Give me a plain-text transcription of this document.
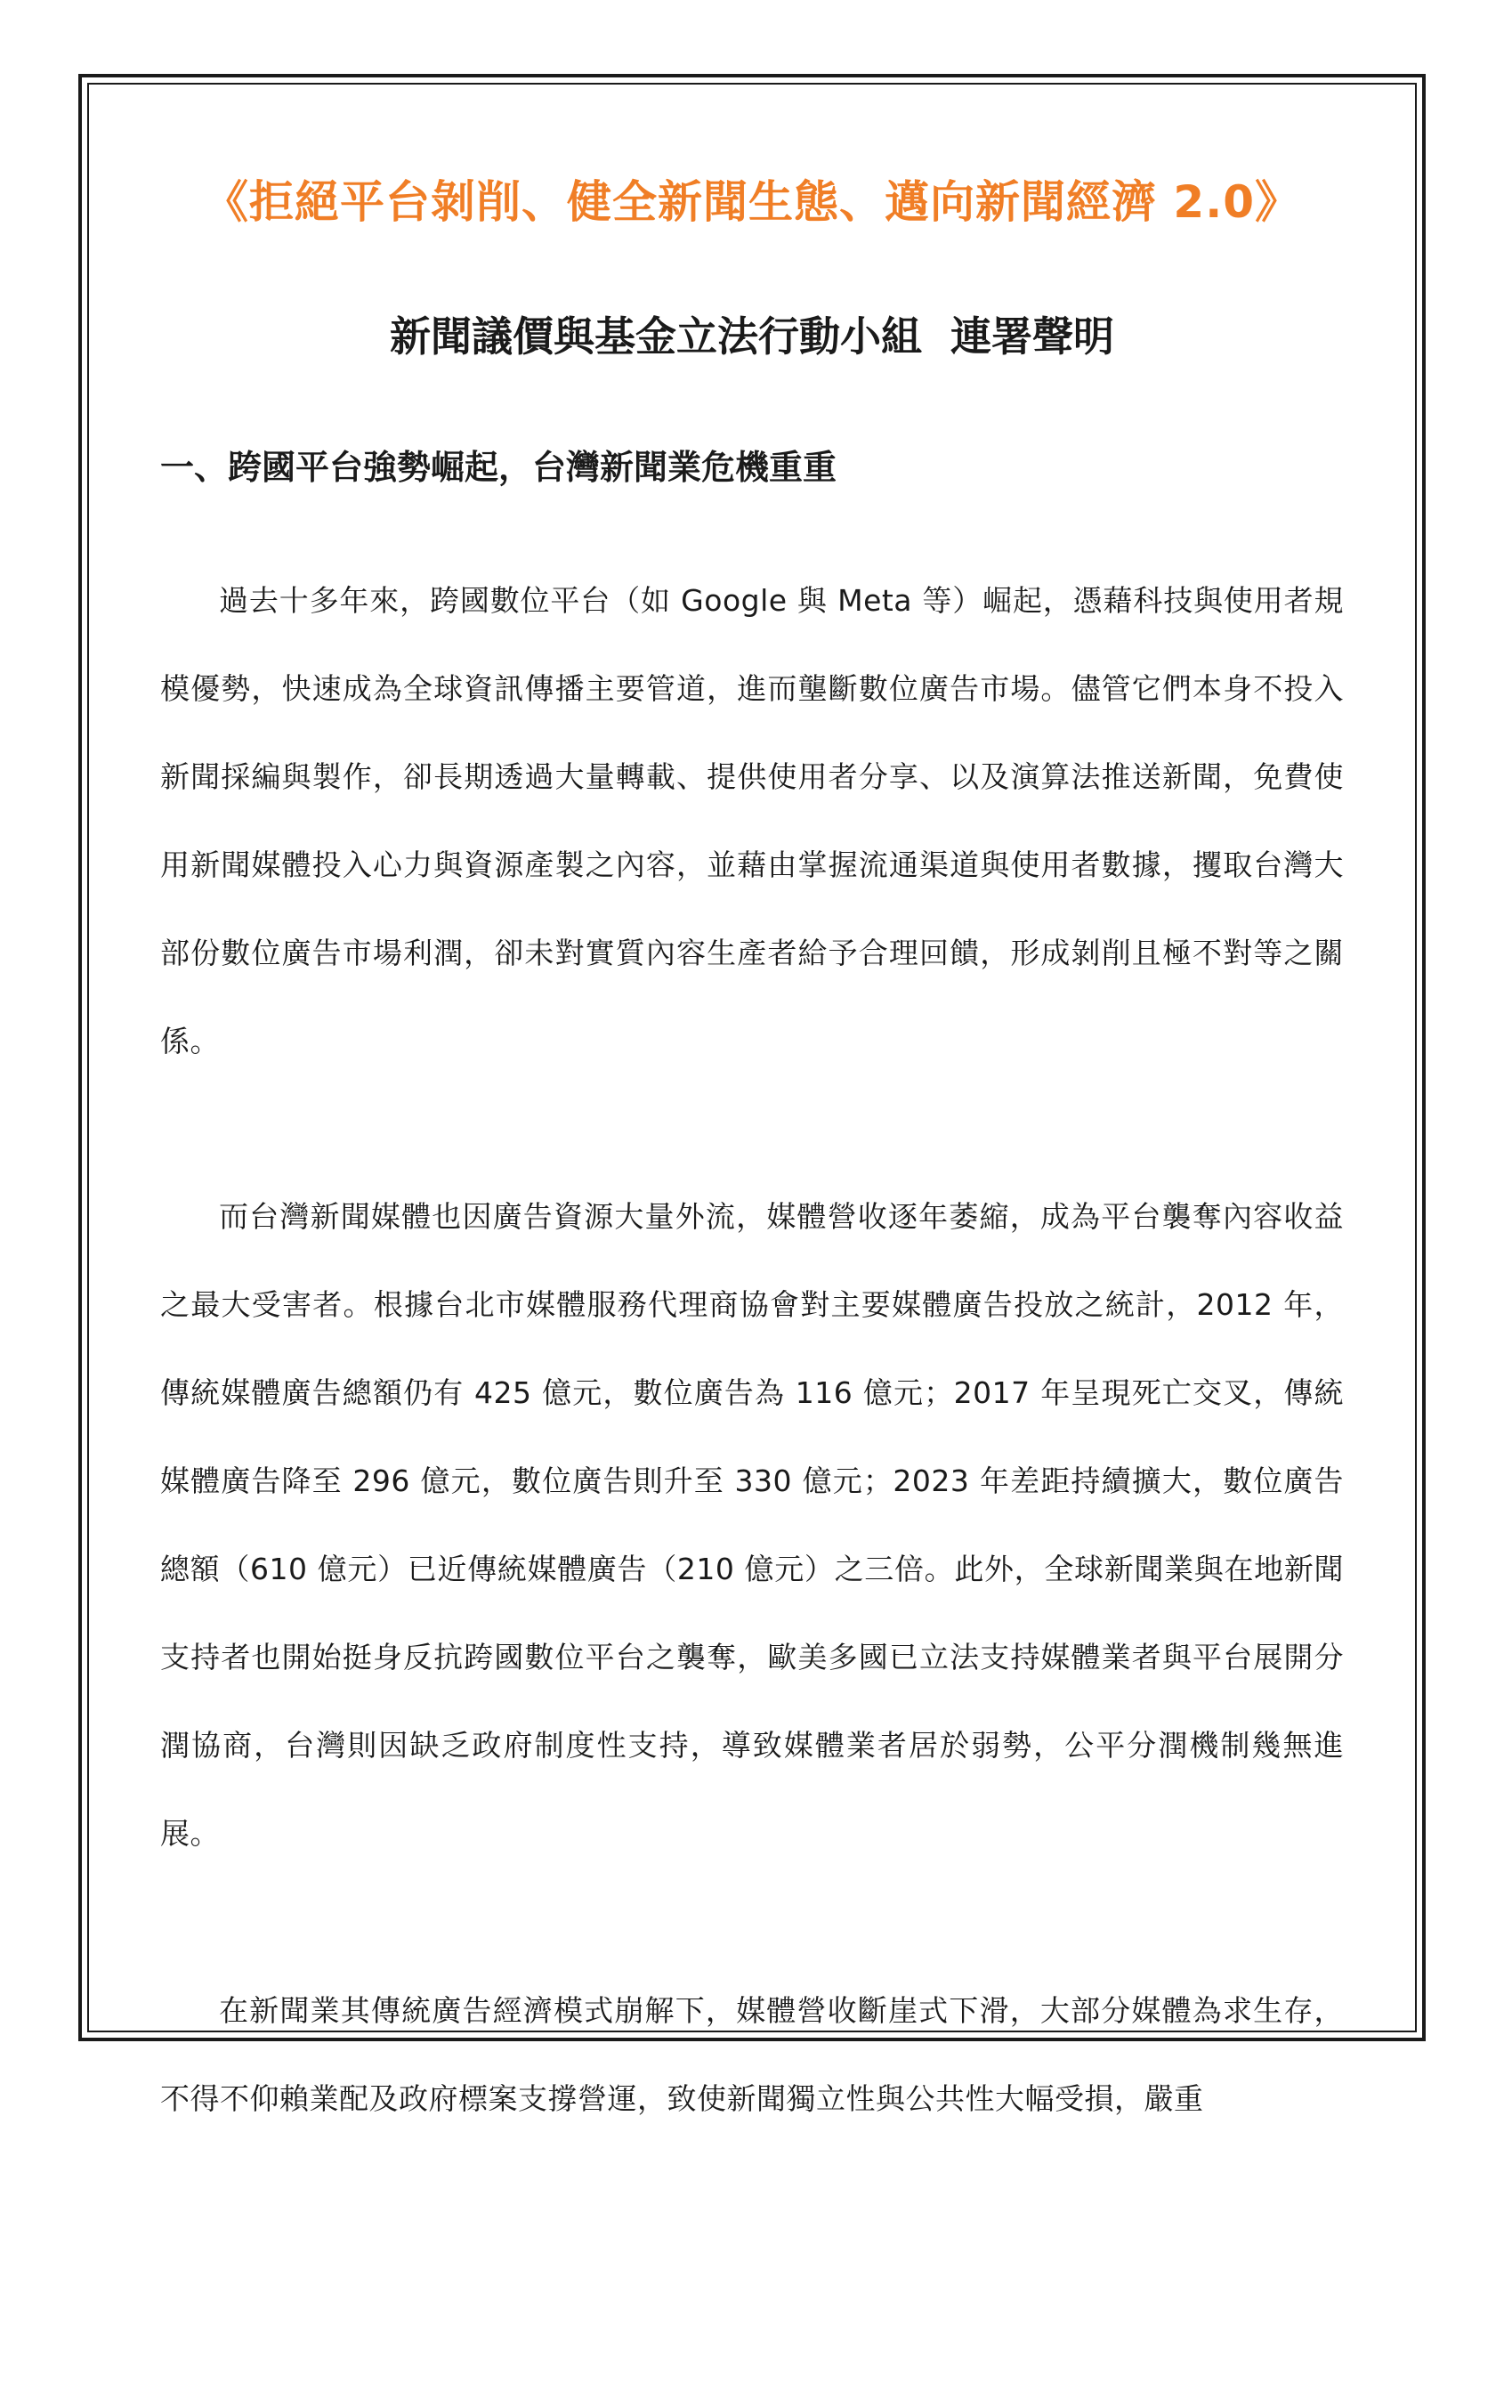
《拒絕平台剝削、健全新聞生態、邁向新聞經濟 2.0》
新聞議價與基金立法行動小組  連署聲明
一、跨國平台強勢崛起，台灣新聞業危機重重

過去十多年來，跨國數位平台（如 Google 與 Meta 等）崛起，憑藉科技與使用者規模優勢，快速成為全球資訊傳播主要管道，進而壟斷數位廣告市場。儘管它們本身不投入新聞採編與製作，卻長期透過大量轉載、提供使用者分享、以及演算法推送新聞，免費使用新聞媒體投入心力與資源產製之內容，並藉由掌握流通渠道與使用者數據，攫取台灣大部份數位廣告市場利潤，卻未對實質內容生產者給予合理回饋，形成剝削且極不對等之關係。

而台灣新聞媒體也因廣告資源大量外流，媒體營收逐年萎縮，成為平台襲奪內容收益之最大受害者。根據台北市媒體服務代理商協會對主要媒體廣告投放之統計，2012 年，傳統媒體廣告總額仍有 425 億元，數位廣告為 116 億元；2017 年呈現死亡交叉，傳統媒體廣告降至 296 億元，數位廣告則升至 330 億元；2023 年差距持續擴大，數位廣告總額（610 億元）已近傳統媒體廣告（210 億元）之三倍。此外，全球新聞業與在地新聞支持者也開始挺身反抗跨國數位平台之襲奪，歐美多國已立法支持媒體業者與平台展開分潤協商，台灣則因缺乏政府制度性支持，導致媒體業者居於弱勢，公平分潤機制幾無進展。

在新聞業其傳統廣告經濟模式崩解下，媒體營收斷崖式下滑，大部分媒體為求生存，不得不仰賴業配及政府標案支撐營運，致使新聞獨立性與公共性大幅受損，嚴重
